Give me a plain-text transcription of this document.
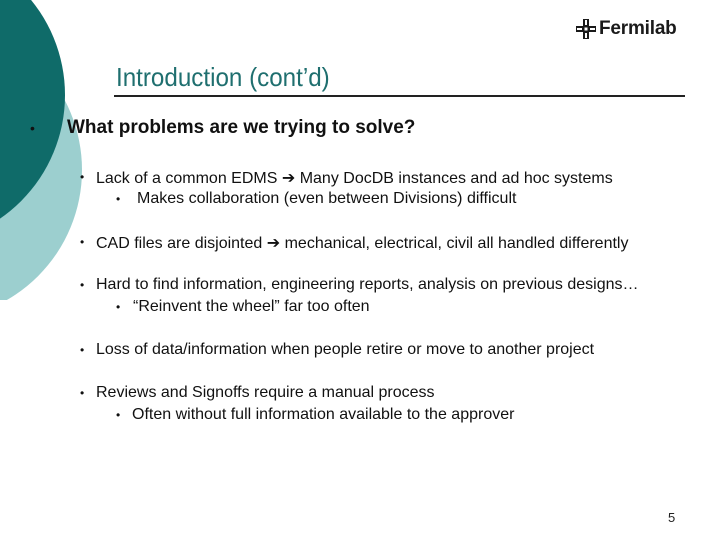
Fermilab
Introduction (cont’d)
• What problems are we trying to solve?
• Lack of a common EDMS ➔ Many DocDB instances and ad hoc systems
• Makes collaboration (even between Divisions) difficult
• CAD files are disjointed ➔ mechanical, electrical, civil all handled differently
• Hard to find information, engineering reports, analysis on previous designs…
• “Reinvent the wheel” far too often
• Loss of data/information when people retire or move to another project
• Reviews and Signoffs require a manual process
• Often without full information available to the approver
5
